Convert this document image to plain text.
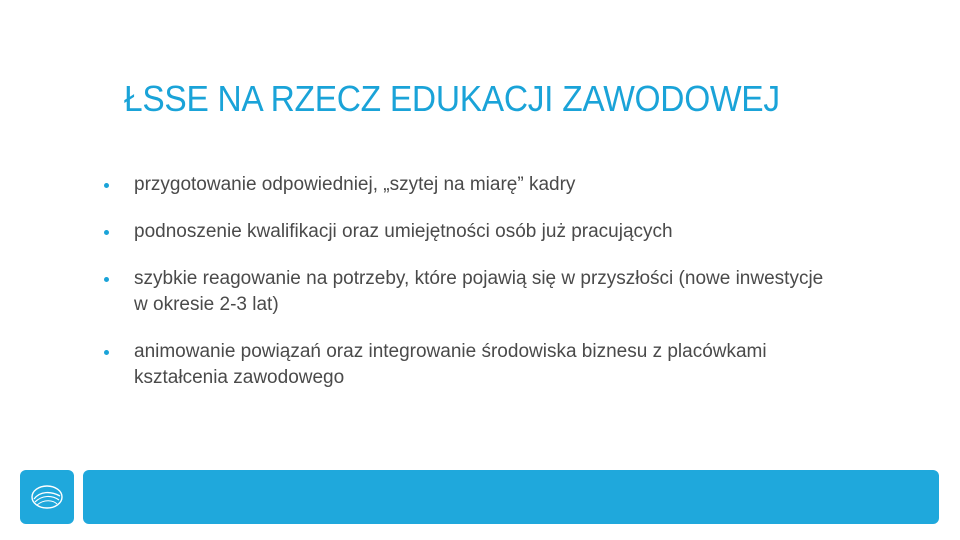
ŁSSE NA RZECZ EDUKACJI ZAWODOWEJ
przygotowanie odpowiedniej, „szytej na miarę” kadry
podnoszenie kwalifikacji oraz umiejętności osób już pracujących
szybkie reagowanie na potrzeby, które pojawią się w przyszłości (nowe inwestycje w okresie 2-3 lat)
animowanie powiązań oraz integrowanie środowiska biznesu z placówkami kształcenia zawodowego
